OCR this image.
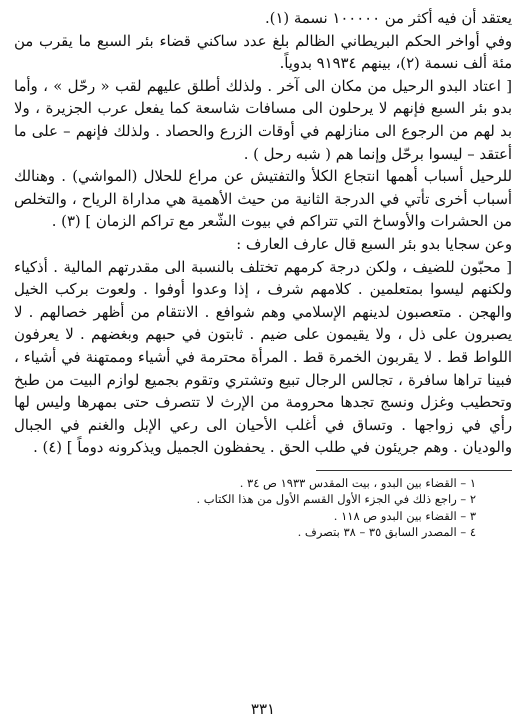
يعتقد أن فيه أكثر من ١٠٠٠٠٠ نسمة (١).

وفي أواخر الحكم البريطاني الظالم بلغ عدد ساكني قضاء بئر السبع ما يقرب من مئة ألف نسمة (٢)، بينهم ٩١٩٣٤ بدوياً.

[ اعتاد البدو الرحيل من مكان الى آخر . ولذلك أطلق عليهم لقب « رحّل » ، وأما بدو بئر السبع فإنهم لا يرحلون الى مسافات شاسعة كما يفعل عرب الجزيرة ، ولا بد لهم من الرجوع الى منازلهم في أوقات الزرع والحصاد . ولذلك فإنهم – على ما أعتقد – ليسوا برحّل وإنما هم ( شبه رحل ) .

للرحيل أسباب أهمها انتجاع الكلأ والتفتيش عن مراع للحلال (المواشي) . وهنالك أسباب أخرى تأتي في الدرجة الثانية من حيث الأهمية هي مداراة الرياح ، والتخلص من الحشرات والأوساخ التي تتراكم في بيوت الشّعر مع تراكم الزمان ] (٣) .

وعن سجايا بدو بئر السبع قال عارف العارف :

[ محبّون للضيف ، ولكن درجة كرمهم تختلف بالنسبة الى مقدرتهم المالية . أذكياء ولكنهم ليسوا بمتعلمين . كلامهم شرف ، إذا وعدوا أوفوا . ولعوت بركب الخيل والهجن . متعصبون لدينهم الإسلامي وهم شوافع . الانتقام من أظهر خصالهم . لا يصبرون على ذل ، ولا يقيمون على ضيم . ثابتون في حبهم وبغضهم . لا يعرفون اللواط قط . لا يقربون الخمرة قط . المرأة محترمة في أشياء وممتهنة في أشياء ، فبينا تراها سافرة ، تجالس الرجال تبيع وتشتري وتقوم بجميع لوازم البيت من طبخ وتحطيب وغزل ونسج تجدها محرومة من الإرث لا تتصرف حتى بمهرها وليس لها رأي في زواجها . وتساق في أغلب الأحيان الى رعي الإبل والغنم في الجبال والوديان . وهم جريئون في طلب الحق . يحفظون الجميل ويذكرونه دوماً ] (٤) .

١ – القضاء بين البدو ، بيت المقدس ١٩٣٣ ص ٣٤ .

٢ – راجع ذلك في الجزء الأول القسم الأول من هذا الكتاب .

٣ – القضاء بين البدو ص ١١٨ .

٤ – المصدر السابق ٣٥ – ٣٨ بتصرف .

٣٣١
